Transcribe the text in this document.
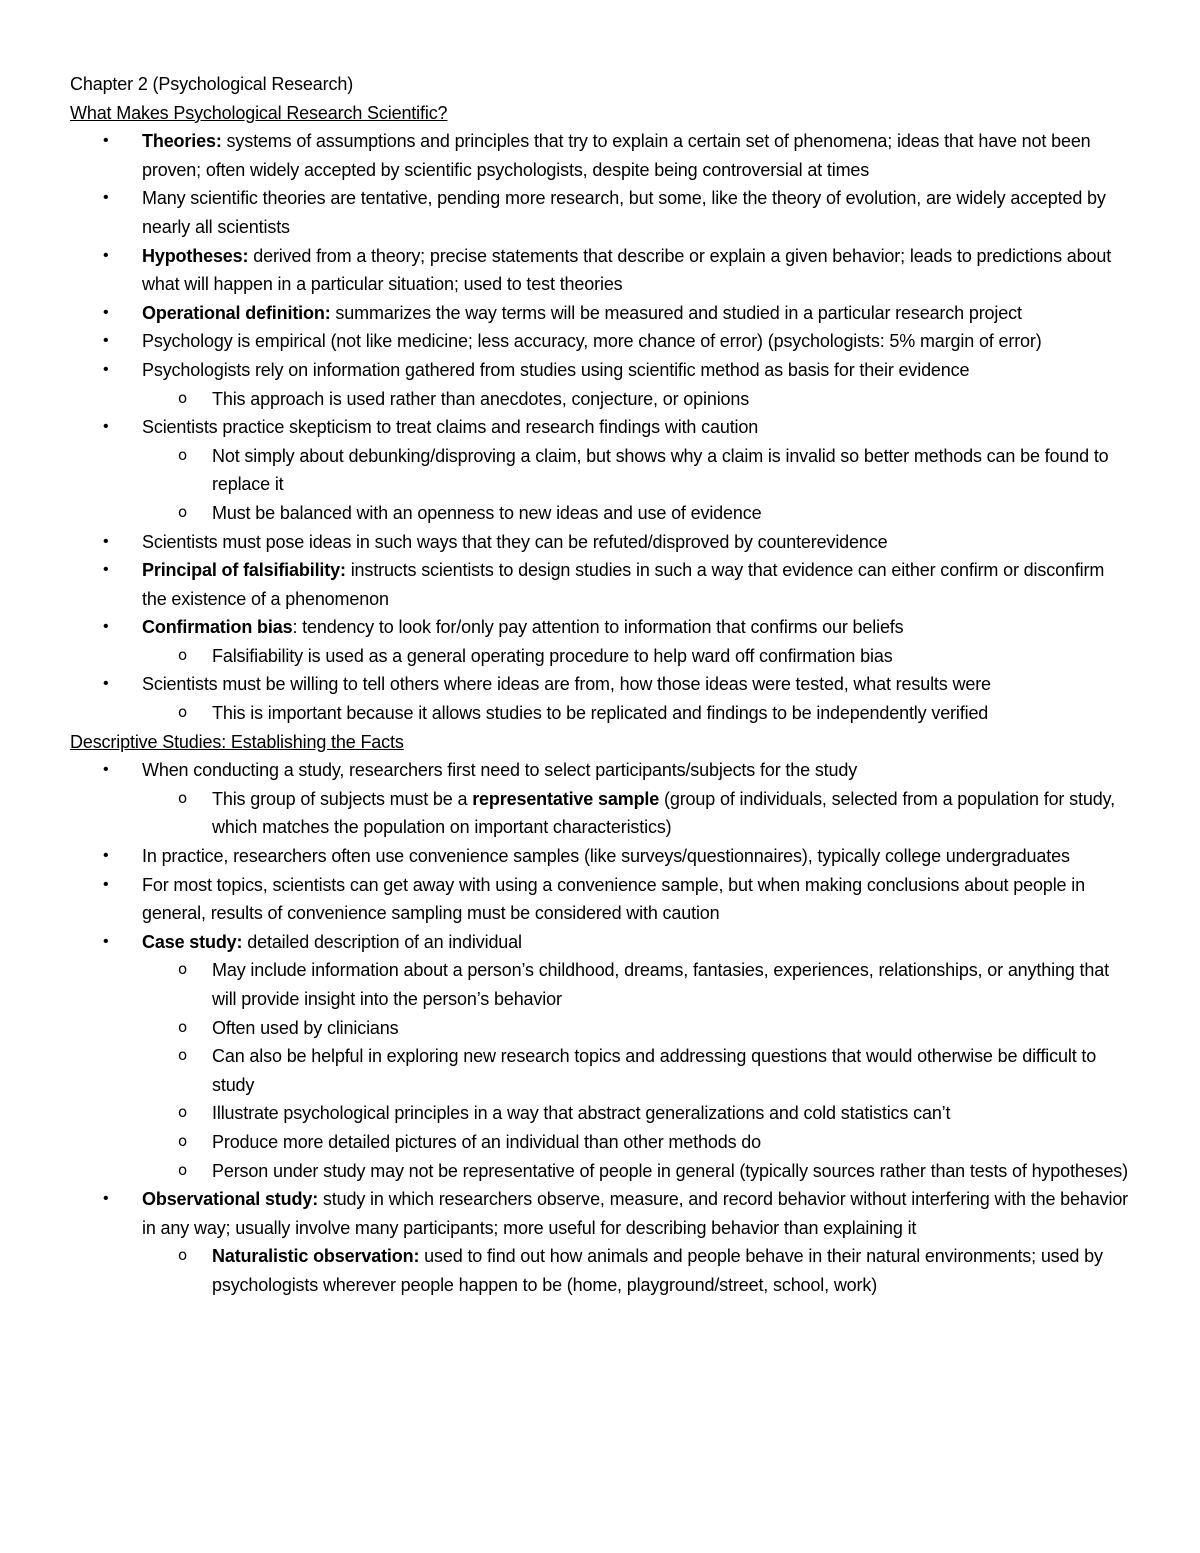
Chapter 2 (Psychological Research)

What Makes Psychological Research Scientific?

• Theories: systems of assumptions and principles that try to explain a certain set of phenomena; ideas that have not been proven; often widely accepted by scientific psychologists, despite being controversial at times
• Many scientific theories are tentative, pending more research, but some, like the theory of evolution, are widely accepted by nearly all scientists
• Hypotheses: derived from a theory; precise statements that describe or explain a given behavior; leads to predictions about what will happen in a particular situation; used to test theories
• Operational definition: summarizes the way terms will be measured and studied in a particular research project
• Psychology is empirical (not like medicine; less accuracy, more chance of error) (psychologists: 5% margin of error)
• Psychologists rely on information gathered from studies using scientific method as basis for their evidence
o This approach is used rather than anecdotes, conjecture, or opinions
• Scientists practice skepticism to treat claims and research findings with caution
o Not simply about debunking/disproving a claim, but shows why a claim is invalid so better methods can be found to replace it
o Must be balanced with an openness to new ideas and use of evidence
• Scientists must pose ideas in such ways that they can be refuted/disproved by counterevidence
• Principal of falsifiability: instructs scientists to design studies in such a way that evidence can either confirm or disconfirm the existence of a phenomenon
• Confirmation bias: tendency to look for/only pay attention to information that confirms our beliefs
o Falsifiability is used as a general operating procedure to help ward off confirmation bias
• Scientists must be willing to tell others where ideas are from, how those ideas were tested, what results were
o This is important because it allows studies to be replicated and findings to be independently verified

Descriptive Studies: Establishing the Facts

• When conducting a study, researchers first need to select participants/subjects for the study
o This group of subjects must be a representative sample (group of individuals, selected from a population for study, which matches the population on important characteristics)
• In practice, researchers often use convenience samples (like surveys/questionnaires), typically college undergraduates
• For most topics, scientists can get away with using a convenience sample, but when making conclusions about people in general, results of convenience sampling must be considered with caution
• Case study: detailed description of an individual
o May include information about a person’s childhood, dreams, fantasies, experiences, relationships, or anything that will provide insight into the person’s behavior
o Often used by clinicians
o Can also be helpful in exploring new research topics and addressing questions that would otherwise be difficult to study
o Illustrate psychological principles in a way that abstract generalizations and cold statistics can’t
o Produce more detailed pictures of an individual than other methods do
o Person under study may not be representative of people in general (typically sources rather than tests of hypotheses)
• Observational study: study in which researchers observe, measure, and record behavior without interfering with the behavior in any way; usually involve many participants; more useful for describing behavior than explaining it
o Naturalistic observation: used to find out how animals and people behave in their natural environments; used by psychologists wherever people happen to be (home, playground/street, school, work)
